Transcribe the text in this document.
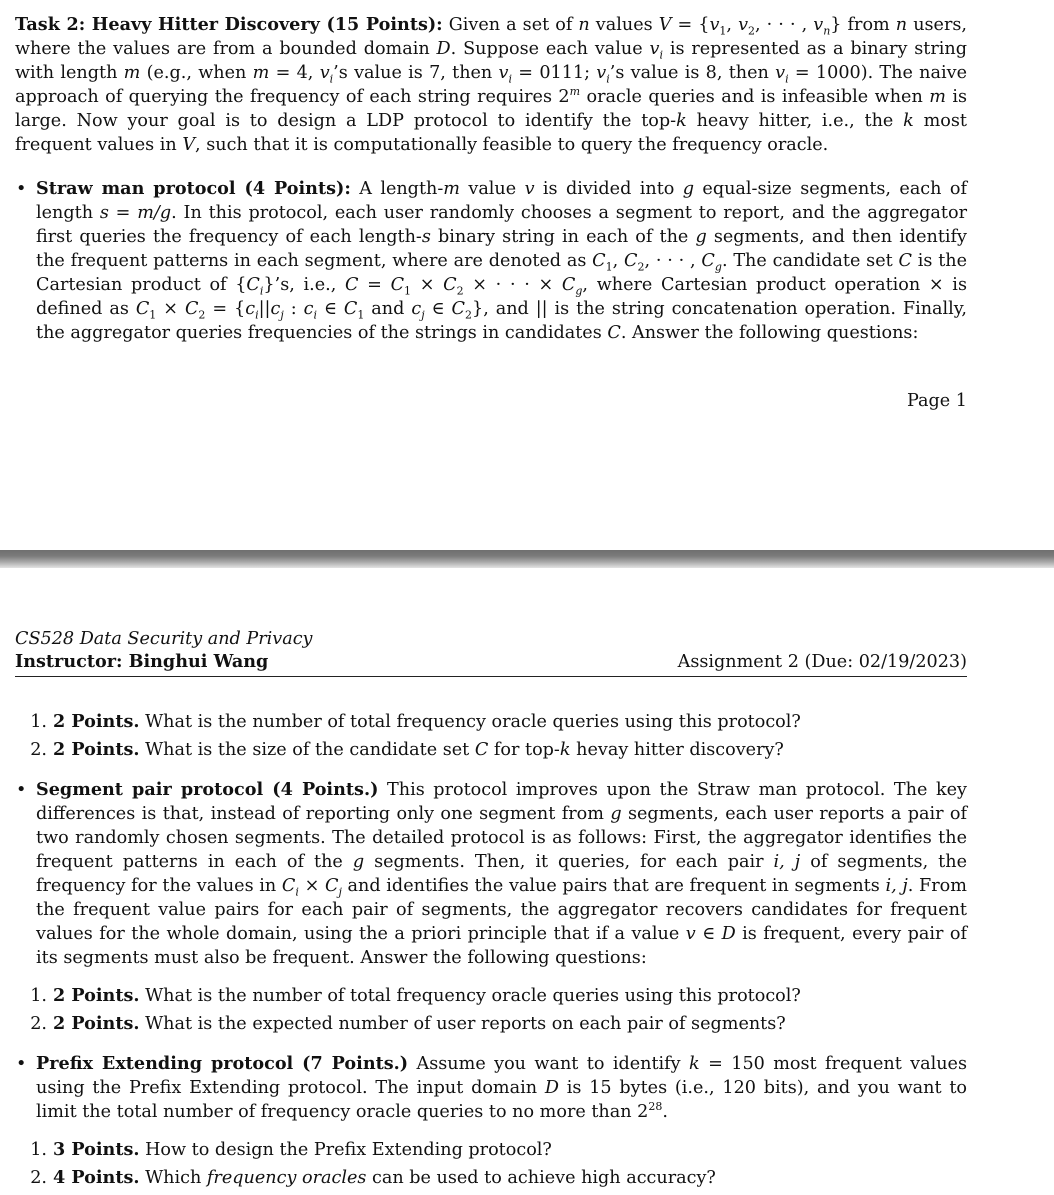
Task 2: Heavy Hitter Discovery (15 Points): Given a set of n values $V = \{v_1$, $v_2$, · · · , $v_n$} from n users, where the values are from a bounded domain D. Suppose each value $v_i$ is represented as a binary string with length m (e.g., when m = 4, $v_i’s$ value is 7, then $v_i = 0111$; $v_i’s$ value is 8, then $v_i = 1000$). The naive approach of querying the frequency of each string requires 2$^m$ oracle queries and is infeasible when m is large. Now your goal is to design a LDP protocol to identify the top-k heavy hitter, i.e., the k most frequent values in V, such that it is computationally feasible to query the frequency oracle.
• Straw man protocol (4 Points): A length-m value v is divided into g equal-size segments, each of length s = m/g. In this protocol, each user randomly chooses a segment to report, and the aggregator first queries the frequency of each length-s binary string in each of the g segments, and then identify the frequent patterns in each segment, where are denoted as $C_1$, $C_2$, · · · , $C_g$. The candidate set C is the Cartesian product of $\{C_i\}’s$, i.e., $C = C_1 \times C_2$ × · · · × $C_g$, where Cartesian product operation × is defined as $C_1 \times C_2 = \{c_i||c_j$ : $c_i$ ∈ $C_1$ and $c_j$ ∈ $C_2$}, and || is the string concatenation operation. Finally, the aggregator queries frequencies of the strings in candidates C. Answer the following questions:
Page 1
CS528 Data Security and Privacy
Instructor: Binghui Wang	Assignment 2 (Due: 02/19/2023)
1. 2 Points. What is the number of total frequency oracle queries using this protocol?
2. 2 Points. What is the size of the candidate set C for top-k hevay hitter discovery?
• Segment pair protocol (4 Points.) This protocol improves upon the Straw man protocol. The key differences is that, instead of reporting only one segment from g segments, each user reports a pair of two randomly chosen segments. The detailed protocol is as follows: First, the aggregator identifies the frequent patterns in each of the g segments. Then, it queries, for each pair i, j of segments, the frequency for the values in $C_i \times C_j$ and identifies the value pairs that are frequent in segments i, j. From the frequent value pairs for each pair of segments, the aggregator recovers candidates for frequent values for the whole domain, using the a priori principle that if a value v ∈ D is frequent, every pair of its segments must also be frequent. Answer the following questions:
1. 2 Points. What is the number of total frequency oracle queries using this protocol?
2. 2 Points. What is the expected number of user reports on each pair of segments?
• Prefix Extending protocol (7 Points.) Assume you want to identify k = 150 most frequent values using the Prefix Extending protocol. The input domain D is 15 bytes (i.e., 120 bits), and you want to limit the total number of frequency oracle queries to no more than $2^{28}$.
1. 3 Points. How to design the Prefix Extending protocol?
2. 4 Points. Which frequency oracles can be used to achieve high accuracy?
